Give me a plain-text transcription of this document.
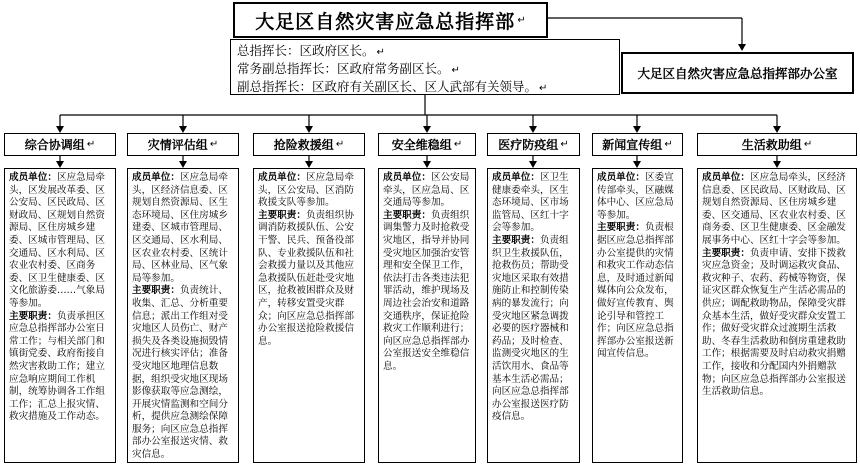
大足区自然灾害应急总指挥部 ↵
总指挥长：区政府区长。 ↵
常务副总指挥长：区政府常务副区长。 ↵
副总指挥长：区政府有关副区长、区人武部有关领导。 ↵
大足区自然灾害应急总指挥部办公室
综合协调组 ↵	灾情评估组 ↵	抢险救援组 ↵	安全维稳组 ↵	医疗防疫组 ↵	新闻宣传组 ↵	生活救助组 ↵

成员单位：区应急局牵头，区发展改革委、区公安局、区民政局、区财政局、区规划自然资源局、区住房城乡建委、区城市管理局、区交通局、区水利局、区农业农村委、区商务委、区卫生健康委、区文化旅游委……气象局等参加。

主要职责：负责承担区应急总指挥部办公室日常工作；与相关部门和镇街党委、政府衔接自然灾害救助工作；建立应急响应期间工作机制，统筹协调各工作组工作；汇总上报灾情、救灾措施及工作动态。

成员单位：区应急局牵头，区经济信息委、区规划自然资源局、区生态环境局、区住房城乡建委、区城市管理局、区交通局、区水利局、区农业农村委、区统计局、区林业局、区气象局等参加。

主要职责：负责统计、收集、汇总、分析重要信息；派出工作组对受灾地区人员伤亡、财产损失及各类设施损毁情况进行核实评估；准备受灾地区地理信息数据，组织受灾地区现场影像获取等应急测绘，开展灾情监测和空间分析，提供应急测绘保障服务；向区应急总指挥部办公室报送灾情、救灾信息。

成员单位：区应急局牵头，区公安局、区消防救援支队等参加。

主要职责：负责组织协调消防救援队伍、公安干警、民兵、预备役部队、专业救援队伍和社会救援力量以及其他应急救援队伍赶赴受灾地区，抢救被困群众及财产，转移安置受灾群众；向区应急总指挥部办公室报送抢险救援信息。

成员单位：区公安局牵头，区应急局、区交通局等参加。

主要职责：负责组织调集警力及时抢救受灾地区，指导并协同受灾地区加强治安管理和安全保卫工作，依法打击各类违法犯罪活动，维护现场及周边社会治安和道路交通秩序，保证抢险救灾工作顺利进行；向区应急总指挥部办公室报送安全维稳信息。

成员单位：区卫生健康委牵头，区生态环境局、区市场监管局、区红十字会等参加。

主要职责：负责组织卫生救援队伍，抢救伤员；帮助受灾地区采取有效措施防止和控制传染病的暴发流行；向受灾地区紧急调拨必要的医疗器械和药品；及时检查、监测受灾地区的生活饮用水、食品等基本生活必需品；向区应急总指挥部办公室报送医疗防疫信息。

成员单位：区委宣传部牵头，区融媒体中心、区应急局等参加。

主要职责：负责根据区应急总指挥部办公室提供的灾情和救灾工作动态信息，及时通过新闻媒体向公众发布，做好宣传教育、舆论引导和管控工作；向区应急总指挥部办公室报送新闻宣传信息。

成员单位：区应急局牵头，区经济信息委、区民政局、区财政局、区规划自然资源局、区住房城乡建委、区交通局、区农业农村委、区商务委、区卫生健康委、区金融发展事务中心、区红十字会等参加。

主要职责：负责申请、安排下拨救灾应急资金；及时调运救灾食品、救灾种子、农药、药械等物资，保证灾区群众恢复生产生活必需品的供应；调配救助物品，保障受灾群众基本生活，做好受灾群众安置工作；做好受灾群众过渡期生活救助、冬春生活救助和倒房重建救助工作；根据需要及时启动救灾捐赠工作，接收和分配国内外捐赠款物；向区应急总指挥部办公室报送生活救助信息。
